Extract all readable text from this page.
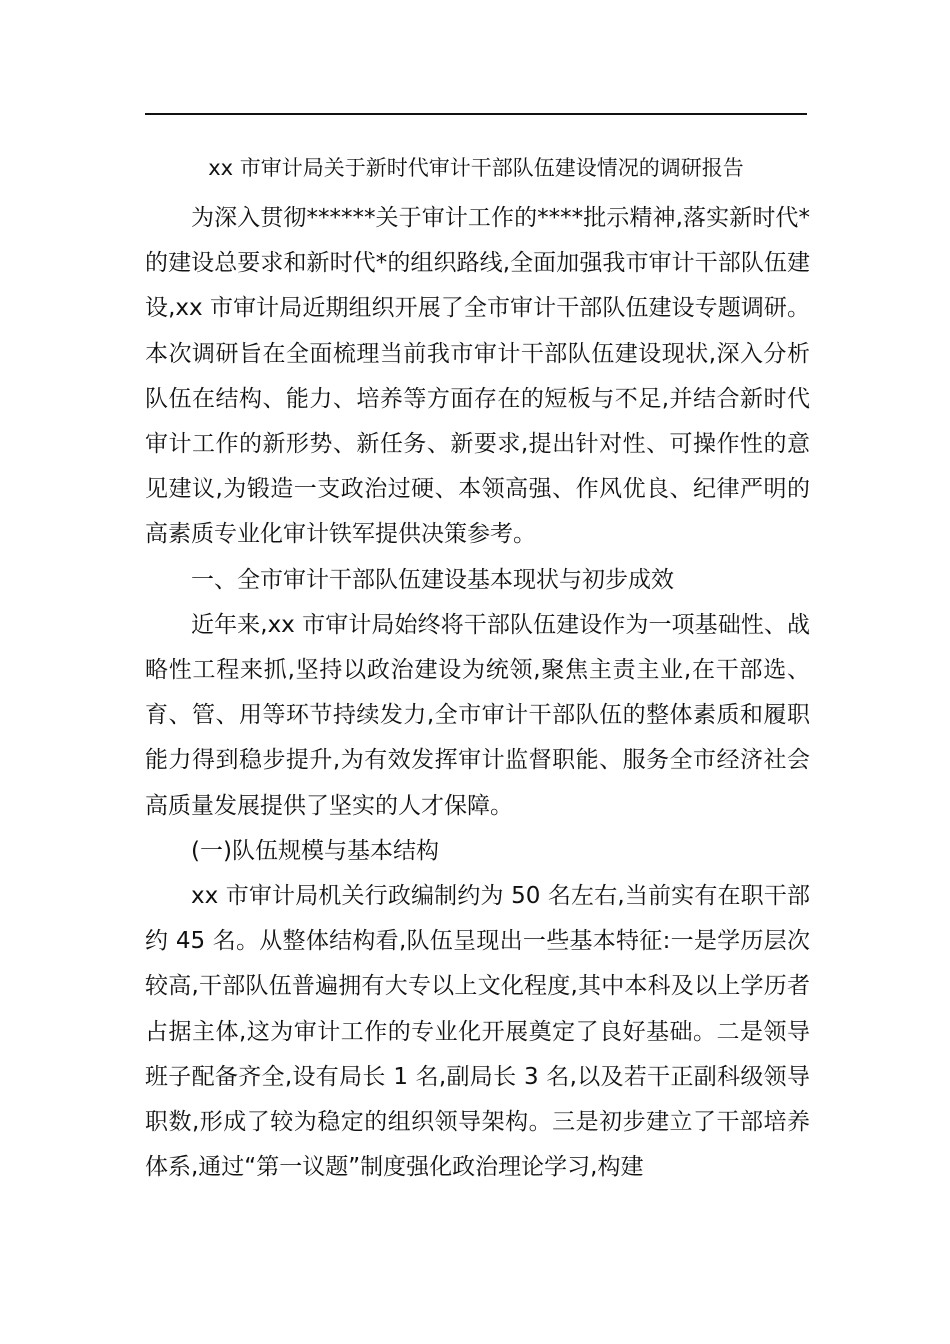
xx 市审计局关于新时代审计干部队伍建设情况的调研报告

为深入贯彻******关于审计工作的****批示精神,落实新时代*的建设总要求和新时代*的组织路线,全面加强我市审计干部队伍建设,xx 市审计局近期组织开展了全市审计干部队伍建设专题调研。本次调研旨在全面梳理当前我市审计干部队伍建设现状,深入分析队伍在结构、能力、培养等方面存在的短板与不足,并结合新时代审计工作的新形势、新任务、新要求,提出针对性、可操作性的意见建议,为锻造一支政治过硬、本领高强、作风优良、纪律严明的高素质专业化审计铁军提供决策参考。

一、全市审计干部队伍建设基本现状与初步成效

近年来,xx 市审计局始终将干部队伍建设作为一项基础性、战略性工程来抓,坚持以政治建设为统领,聚焦主责主业,在干部选、育、管、用等环节持续发力,全市审计干部队伍的整体素质和履职能力得到稳步提升,为有效发挥审计监督职能、服务全市经济社会高质量发展提供了坚实的人才保障。

(一)队伍规模与基本结构

xx 市审计局机关行政编制约为 50 名左右,当前实有在职干部约 45 名。从整体结构看,队伍呈现出一些基本特征:一是学历层次较高,干部队伍普遍拥有大专以上文化程度,其中本科及以上学历者占据主体,这为审计工作的专业化开展奠定了良好基础。二是领导班子配备齐全,设有局长 1 名,副局长 3 名,以及若干正副科级领导职数,形成了较为稳定的组织领导架构。三是初步建立了干部培养体系,通过“第一议题”制度强化政治理论学习,构建
